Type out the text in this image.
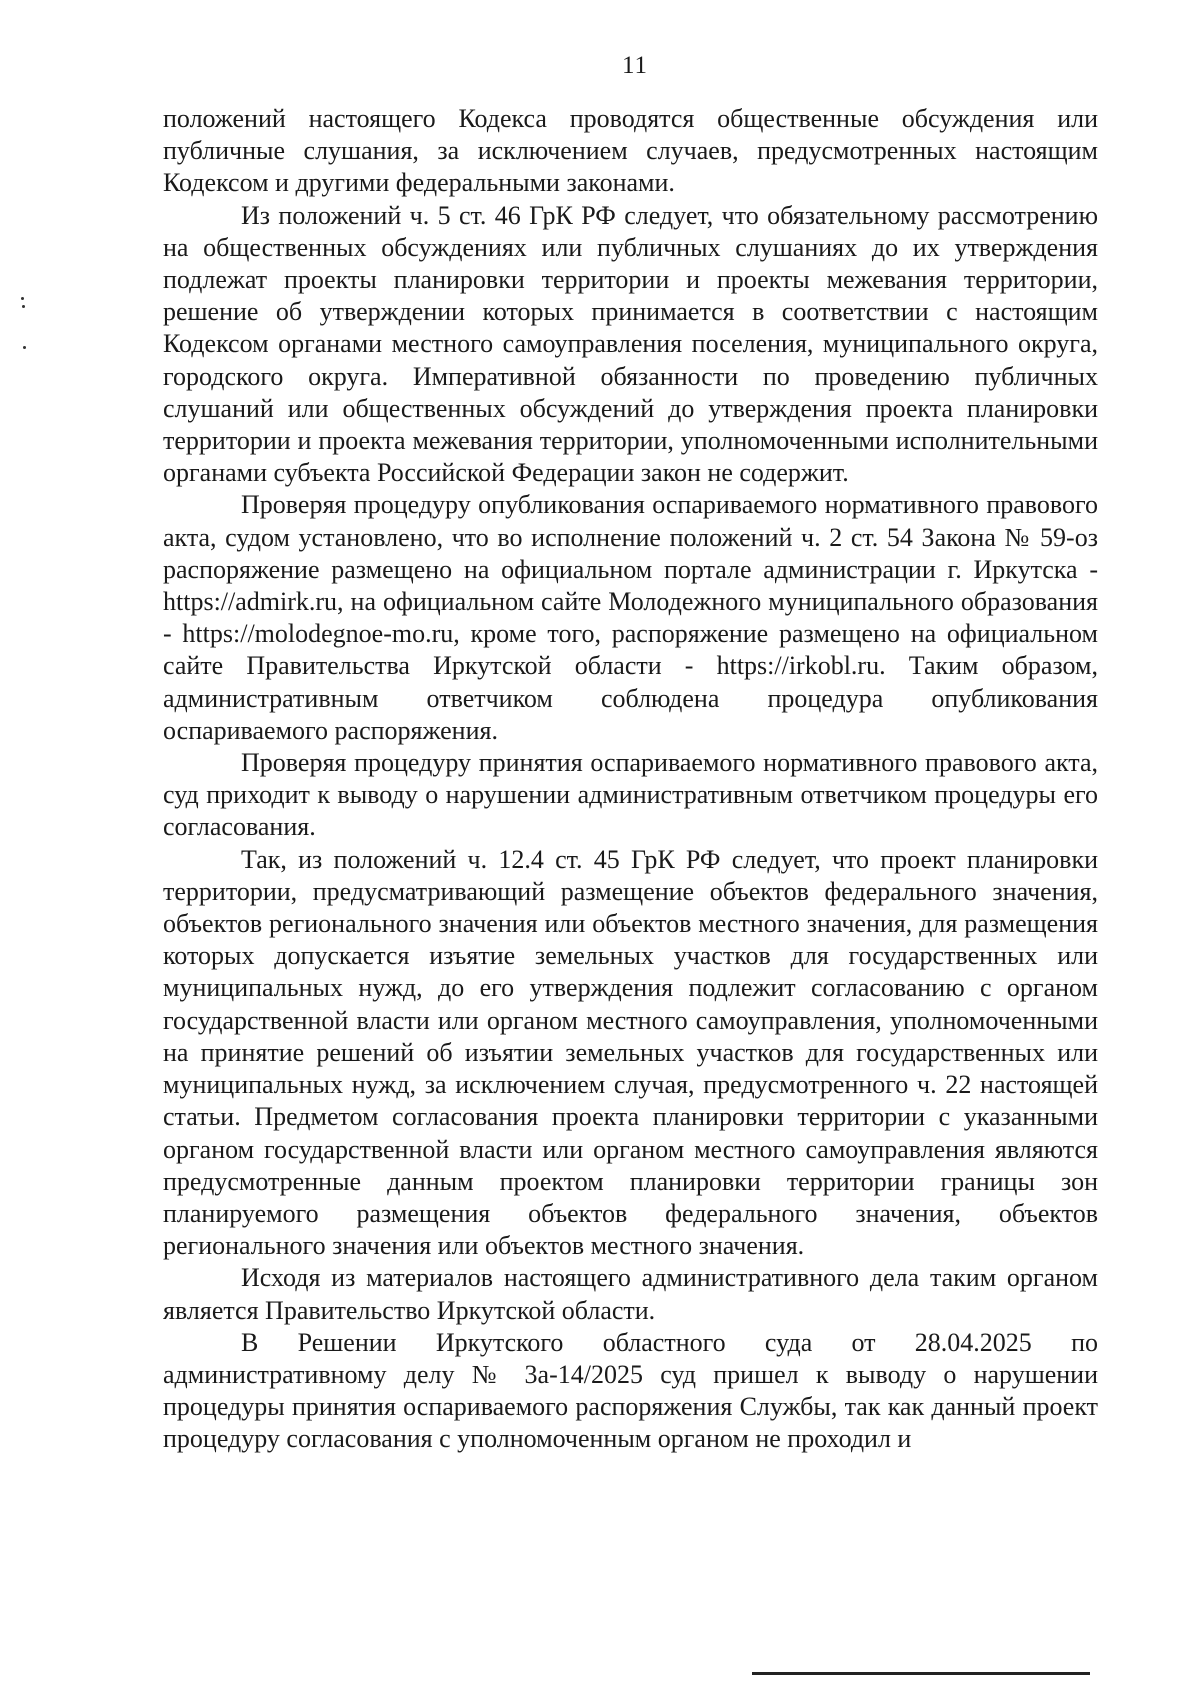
11

положений настоящего Кодекса проводятся общественные обсуждения или публичные слушания, за исключением случаев, предусмотренных настоящим Кодексом и другими федеральными законами.

Из положений ч. 5 ст. 46 ГрК РФ следует, что обязательному рассмотрению на общественных обсуждениях или публичных слушаниях до их утверждения подлежат проекты планировки территории и проекты межевания территории, решение об утверждении которых принимается в соответствии с настоящим Кодексом органами местного самоуправления поселения, муниципального округа, городского округа. Императивной обязанности по проведению публичных слушаний или общественных обсуждений до утверждения проекта планировки территории и проекта межевания территории, уполномоченными исполнительными органами субъекта Российской Федерации закон не содержит.

Проверяя процедуру опубликования оспариваемого нормативного правового акта, судом установлено, что во исполнение положений ч. 2 ст. 54 Закона № 59-оз распоряжение размещено на официальном портале администрации г. Иркутска - https://admirk.ru, на официальном сайте Молодежного муниципального образования - https://molodegnoe-mo.ru, кроме того, распоряжение размещено на официальном сайте Правительства Иркутской области - https://irkobl.ru. Таким образом, административным ответчиком соблюдена процедура опубликования оспариваемого распоряжения.

Проверяя процедуру принятия оспариваемого нормативного правового акта, суд приходит к выводу о нарушении административным ответчиком процедуры его согласования.

Так, из положений ч. 12.4 ст. 45 ГрК РФ следует, что проект планировки территории, предусматривающий размещение объектов федерального значения, объектов регионального значения или объектов местного значения, для размещения которых допускается изъятие земельных участков для государственных или муниципальных нужд, до его утверждения подлежит согласованию с органом государственной власти или органом местного самоуправления, уполномоченными на принятие решений об изъятии земельных участков для государственных или муниципальных нужд, за исключением случая, предусмотренного ч. 22 настоящей статьи. Предметом согласования проекта планировки территории с указанными органом государственной власти или органом местного самоуправления являются предусмотренные данным проектом планировки территории границы зон планируемого размещения объектов федерального значения, объектов регионального значения или объектов местного значения.

Исходя из материалов настоящего административного дела таким органом является Правительство Иркутской области.

В Решении Иркутского областного суда от 28.04.2025 по административному делу № 3а-14/2025 суд пришел к выводу о нарушении процедуры принятия оспариваемого распоряжения Службы, так как данный проект процедуру согласования с уполномоченным органом не проходил и
